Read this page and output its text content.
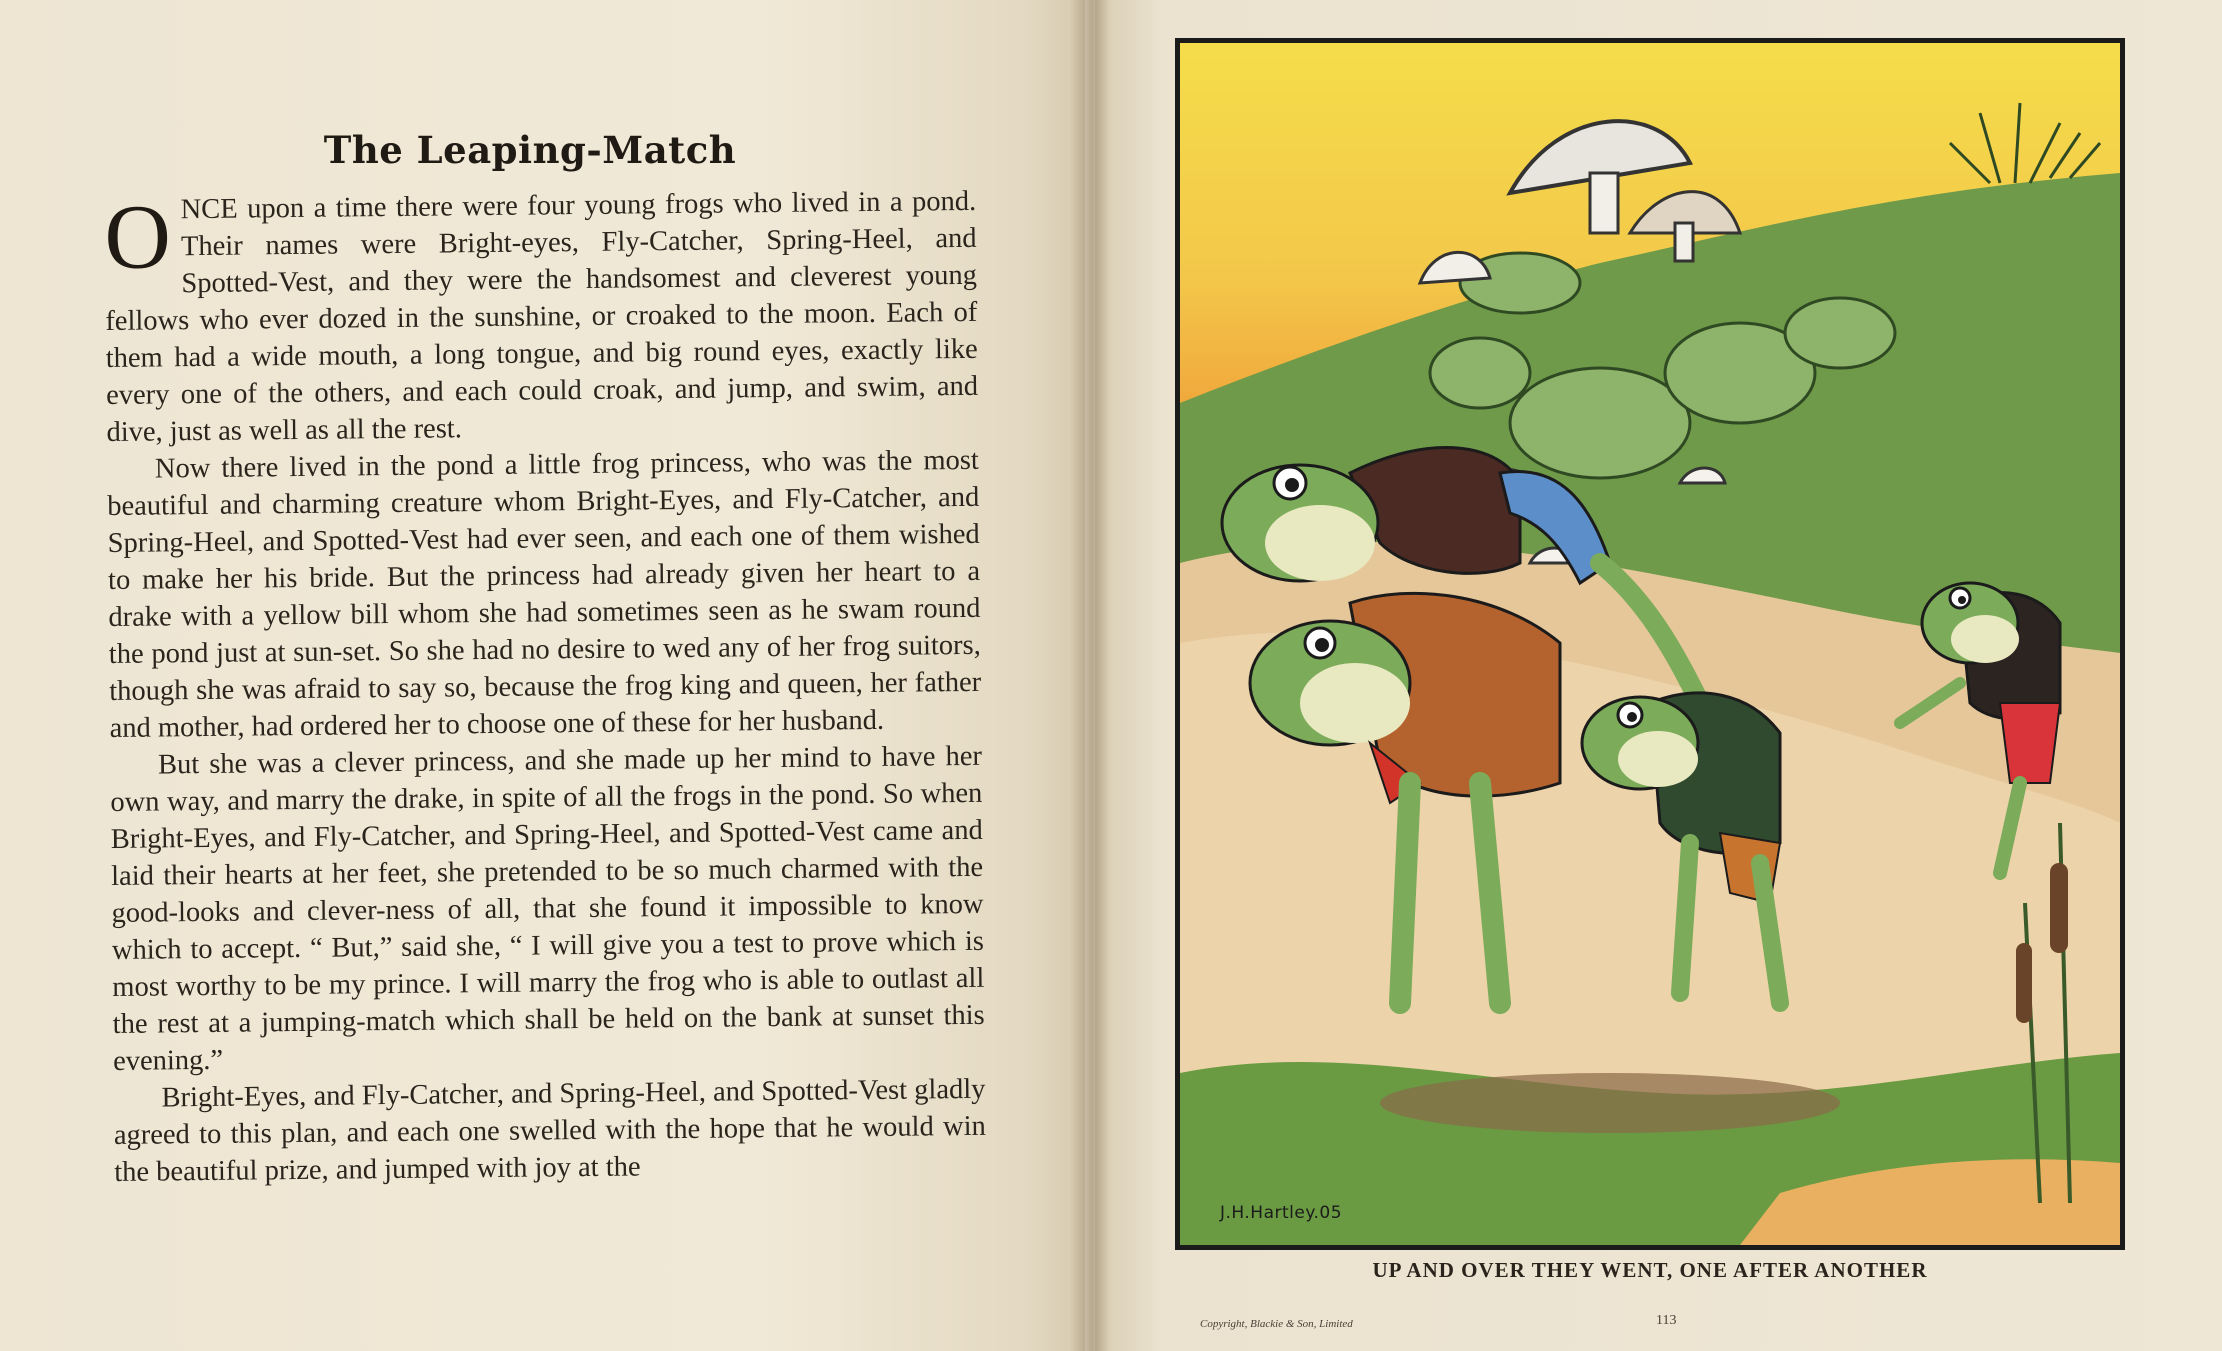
The Leaping-Match

ONCE upon a time there were four young frogs who lived in a pond. Their names were Bright-eyes, Fly-Catcher, Spring-Heel, and Spotted-Vest, and they were the handsomest and cleverest young fellows who ever dozed in the sunshine, or croaked to the moon. Each of them had a wide mouth, a long tongue, and big round eyes, exactly like every one of the others, and each could croak, and jump, and swim, and dive, just as well as all the rest.

Now there lived in the pond a little frog princess, who was the most beautiful and charming creature whom Bright-Eyes, and Fly-Catcher, and Spring-Heel, and Spotted-Vest had ever seen, and each one of them wished to make her his bride. But the princess had already given her heart to a drake with a yellow bill whom she had sometimes seen as he swam round the pond just at sun-set. So she had no desire to wed any of her frog suitors, though she was afraid to say so, because the frog king and queen, her father and mother, had ordered her to choose one of these for her husband.

But she was a clever princess, and she made up her mind to have her own way, and marry the drake, in spite of all the frogs in the pond. So when Bright-Eyes, and Fly-Catcher, and Spring-Heel, and Spotted-Vest came and laid their hearts at her feet, she pretended to be so much charmed with the good-looks and clever-ness of all, that she found it impossible to know which to accept. “ But,” said she, “ I will give you a test to prove which is most worthy to be my prince. I will marry the frog who is able to outlast all the rest at a jumping-match which shall be held on the bank at sunset this evening.”

Bright-Eyes, and Fly-Catcher, and Spring-Heel, and Spotted-Vest gladly agreed to this plan, and each one swelled with the hope that he would win the beautiful prize, and jumped with joy at the

J.H.Hartley.05
UP AND OVER THEY WENT, ONE AFTER ANOTHER
Copyright, Blackie & Son, Limited	113
